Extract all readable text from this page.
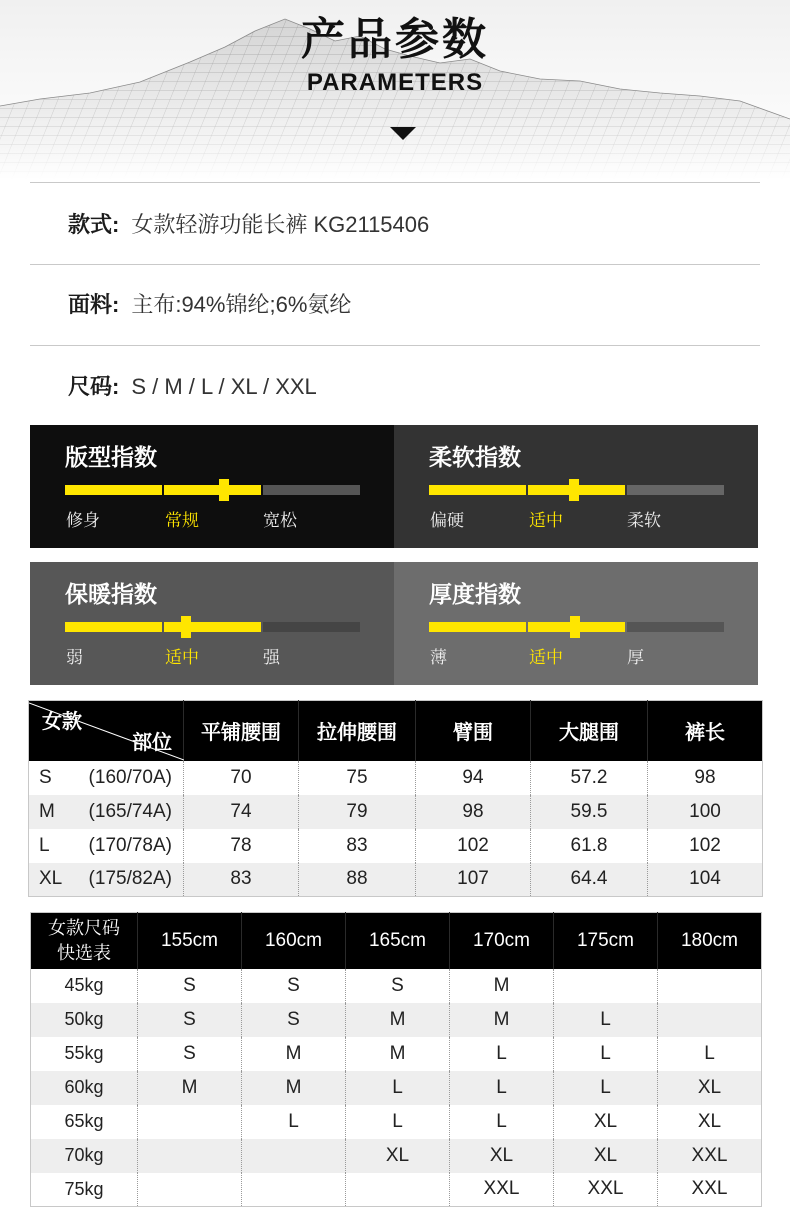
产品参数
PARAMETERS
款式: 女款轻游功能长裤 KG2115406
面料: 主布:94%锦纶;6%氨纶
尺码: S / M / L / XL / XXL
版型指数
修身	常规	宽松
柔软指数
偏硬	适中	柔软
保暖指数
弱	适中	强
厚度指数
薄	适中	厚
女款
部位	平铺腰围	拉伸腰围	臂围	大腿围	裤长

S (160/70A)	70	75	94	57.2	98

M (165/74A)	74	79	98	59.5	100

L (170/78A)	78	83	102	61.8	102

XL (175/82A)	83	88	107	64.4	104
女款尺码
快选表	155cm	160cm	165cm	170cm	175cm	180cm
45kg	S	S	S	M		
50kg	S	S	M	M	L	
55kg	S	M	M	L	L	L
60kg	M	M	L	L	L	XL
65kg		L	L	L	XL	XL
70kg			XL	XL	XL	XXL
75kg				XXL	XXL	XXL
